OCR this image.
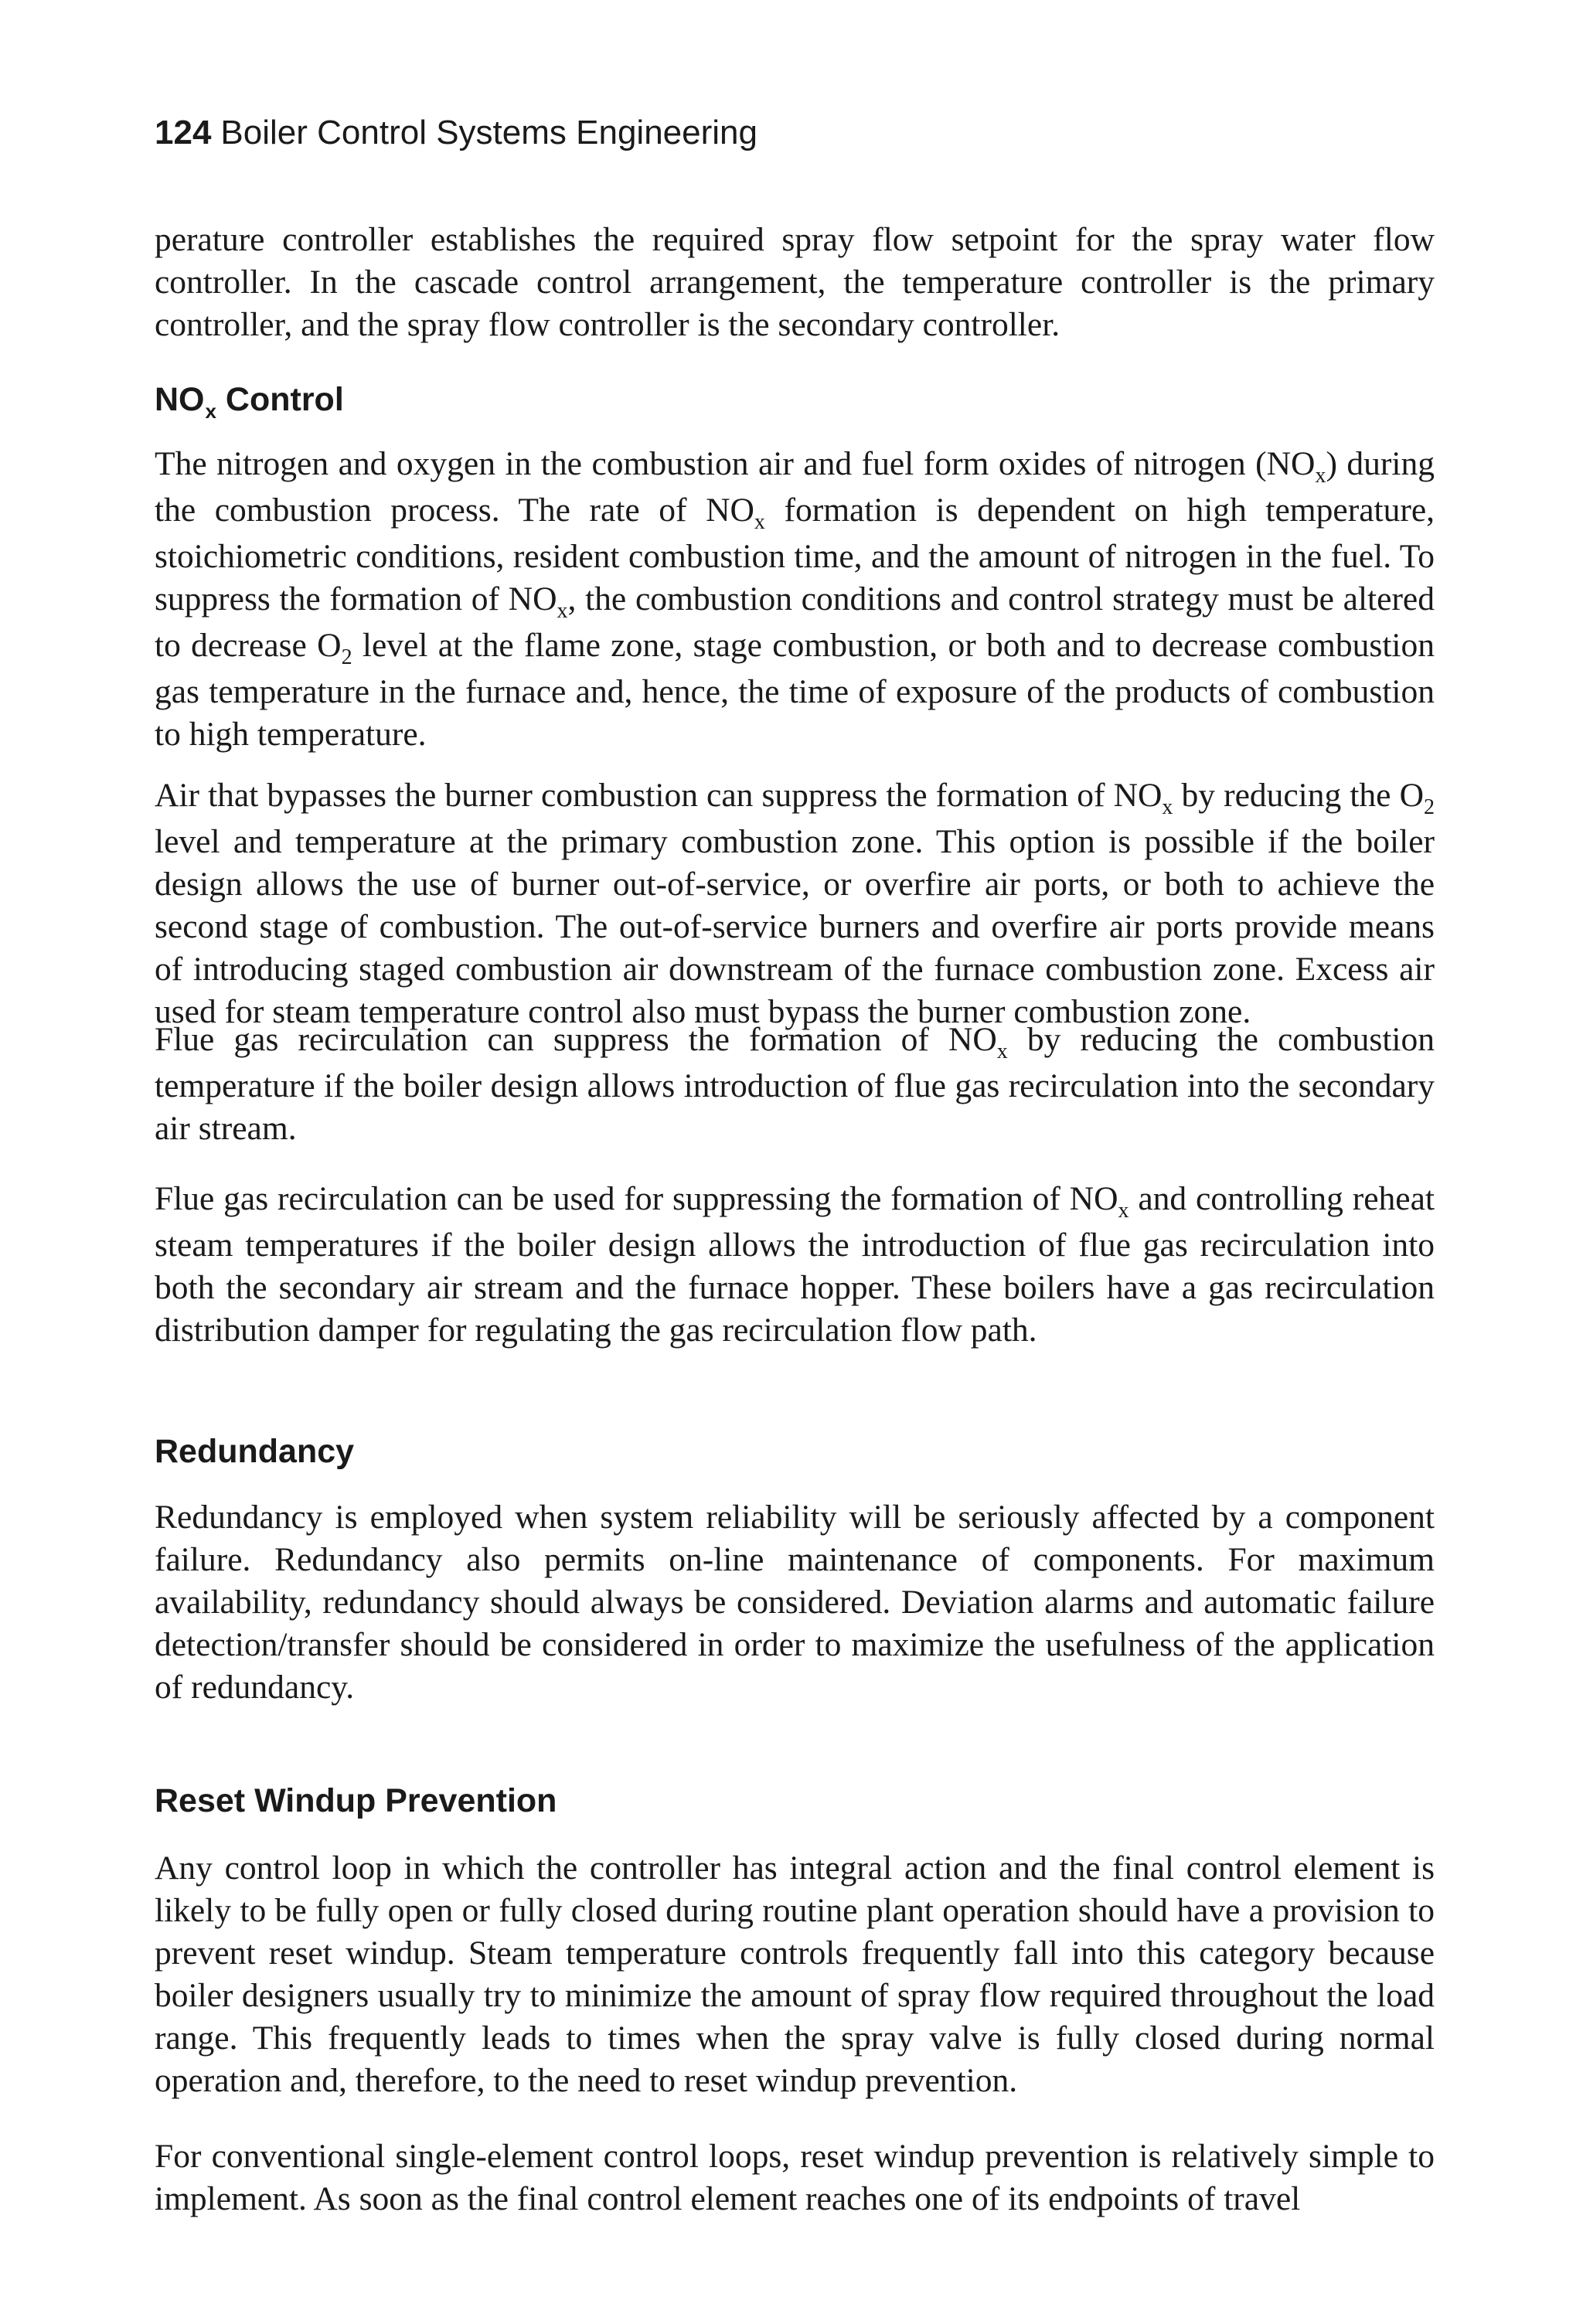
124 Boiler Control Systems Engineering

perature controller establishes the required spray flow setpoint for the spray water flow controller. In the cascade control arrangement, the temperature controller is the primary controller, and the spray flow controller is the secondary controller.

$NO_x$ Control

The nitrogen and oxygen in the combustion air and fuel form oxides of nitrogen $(NO_x)$ during the combustion process. The rate of $NO_x$ formation is dependent on high temperature, stoichiometric conditions, resident combustion time, and the amount of nitrogen in the fuel. To suppress the formation of $NO_x$, the combustion conditions and control strategy must be altered to decrease $O_2$ level at the flame zone, stage combustion, or both and to decrease combustion gas temperature in the furnace and, hence, the time of exposure of the products of combustion to high temperature.

Air that bypasses the burner combustion can suppress the formation of $NO_x$ by reducing the $O_2$ level and temperature at the primary combustion zone. This option is possible if the boiler design allows the use of burner out-of-service, or overfire air ports, or both to achieve the second stage of combustion. The out-of-service burners and overfire air ports provide means of introducing staged combustion air downstream of the furnace combustion zone. Excess air used for steam temperature control also must bypass the burner combustion zone.

Flue gas recirculation can suppress the formation of $NO_x$ by reducing the combustion temperature if the boiler design allows introduction of flue gas recirculation into the secondary air stream.

Flue gas recirculation can be used for suppressing the formation of $NO_x$ and controlling reheat steam temperatures if the boiler design allows the introduction of flue gas recirculation into both the secondary air stream and the furnace hopper. These boilers have a gas recirculation distribution damper for regulating the gas recirculation flow path.

Redundancy

Redundancy is employed when system reliability will be seriously affected by a component failure. Redundancy also permits on-line maintenance of components. For maximum availability, redundancy should always be considered. Deviation alarms and automatic failure detection/transfer should be considered in order to maximize the usefulness of the application of redundancy.

Reset Windup Prevention

Any control loop in which the controller has integral action and the final control element is likely to be fully open or fully closed during routine plant operation should have a provision to prevent reset windup. Steam temperature controls frequently fall into this category because boiler designers usually try to minimize the amount of spray flow required throughout the load range. This frequently leads to times when the spray valve is fully closed during normal operation and, therefore, to the need to reset windup prevention.

For conventional single-element control loops, reset windup prevention is relatively simple to implement. As soon as the final control element reaches one of its endpoints of travel
